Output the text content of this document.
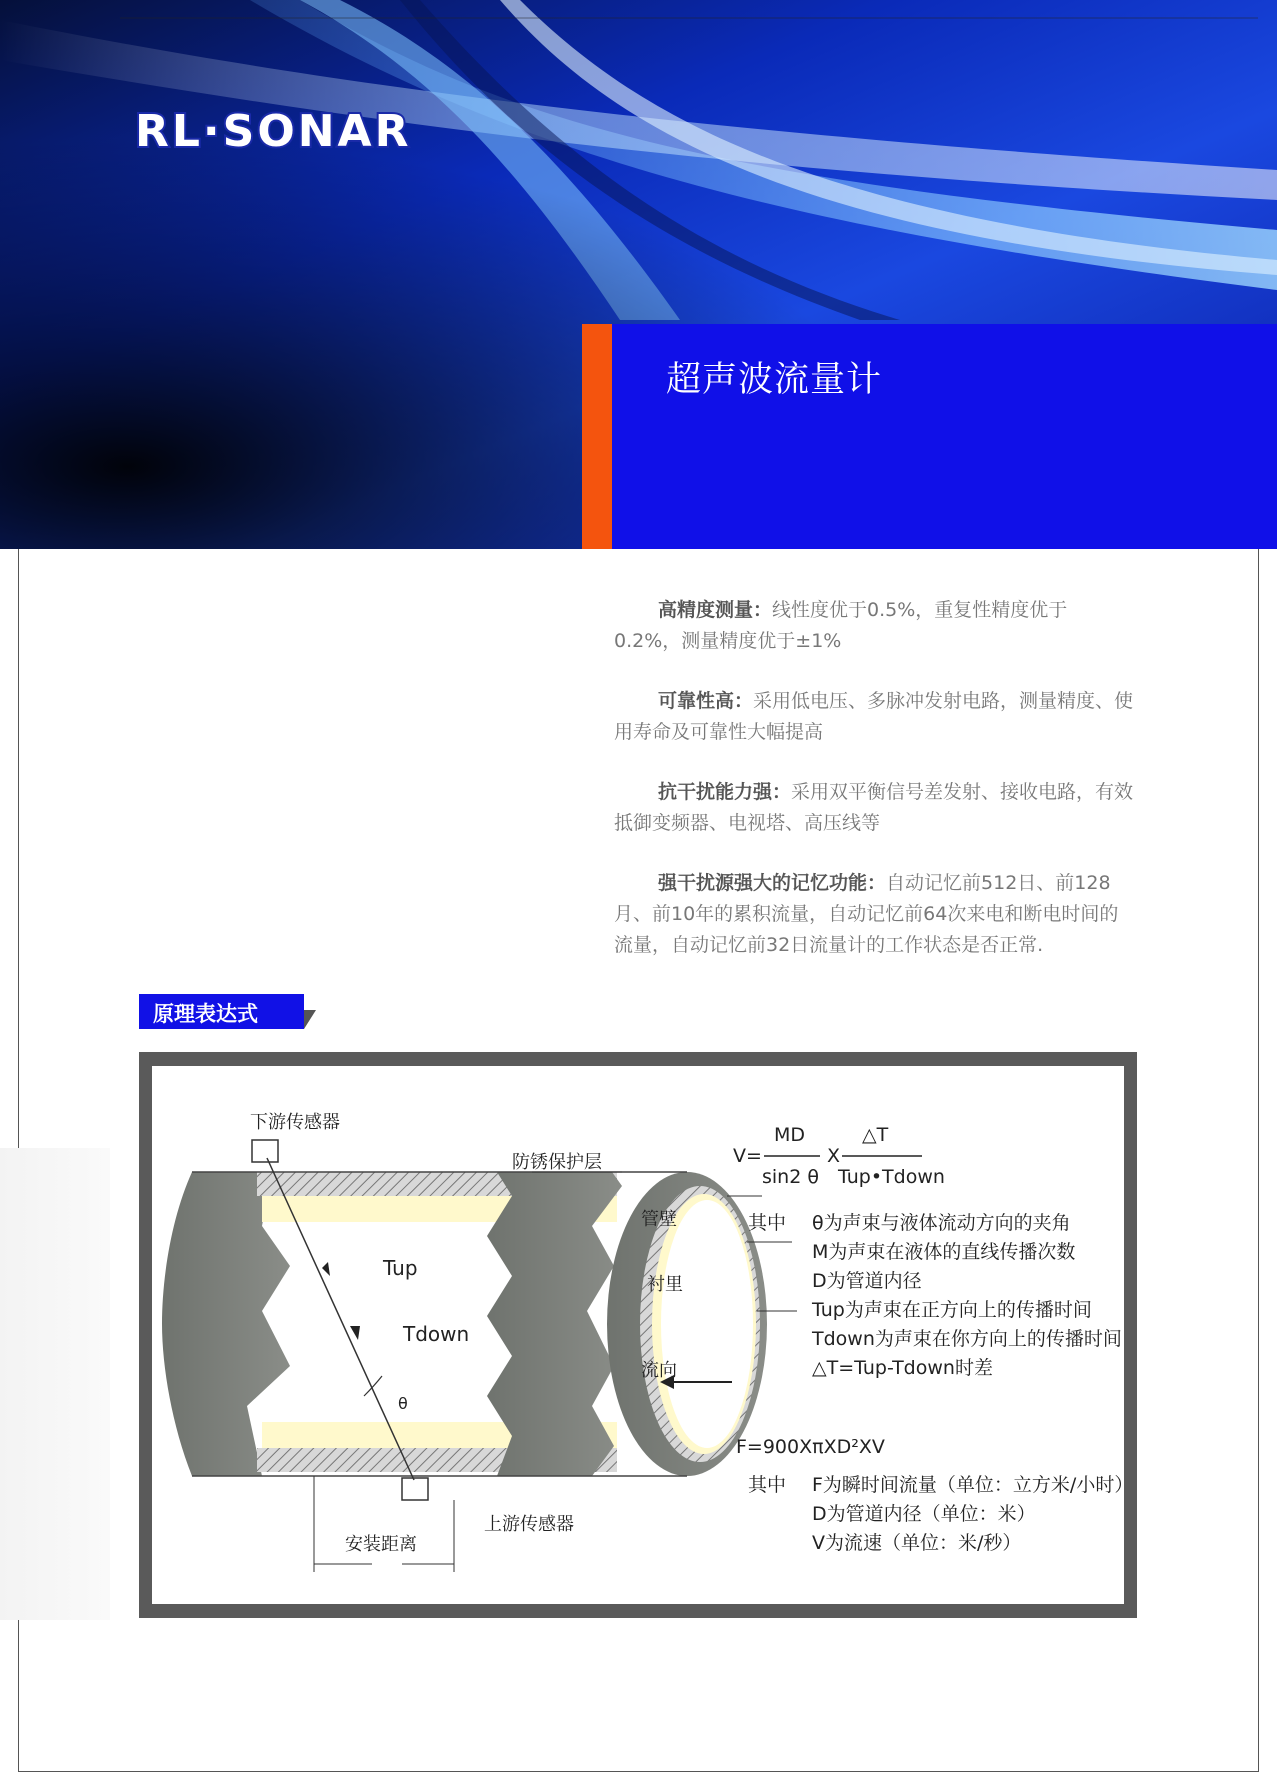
RL·SONAR
超声波流量计
高精度测量：线性度优于0.5%，重复性精度优于0.2%，测量精度优于±1%
可靠性高：采用低电压、多脉冲发射电路，测量精度、使用寿命及可靠性大幅提高
抗干扰能力强：采用双平衡信号差发射、接收电路，有效抵御变频器、电视塔、高压线等
强干扰源强大的记忆功能：自动记忆前512日、前128月、前10年的累积流量，自动记忆前64次来电和断电时间的流量，自动记忆前32日流量计的工作状态是否正常.
原理表达式
下游传感器
防锈保护层
管壁
衬里
流向
Tup
Tdown
θ
上游传感器
安装距离
V=
MD
sin2 θ
X
△T
Tup•Tdown
其中 θ为声束与液体流动方向的夹角
M为声束在液体的直线传播次数
D为管道内径
Tup为声束在正方向上的传播时间
Tdown为声束在你方向上的传播时间
△T=Tup-Tdown时差
F=900XπXD²XV
其中 F为瞬时间流量（单位：立方米/小时）
D为管道内径（单位：米）
V为流速（单位：米/秒）
